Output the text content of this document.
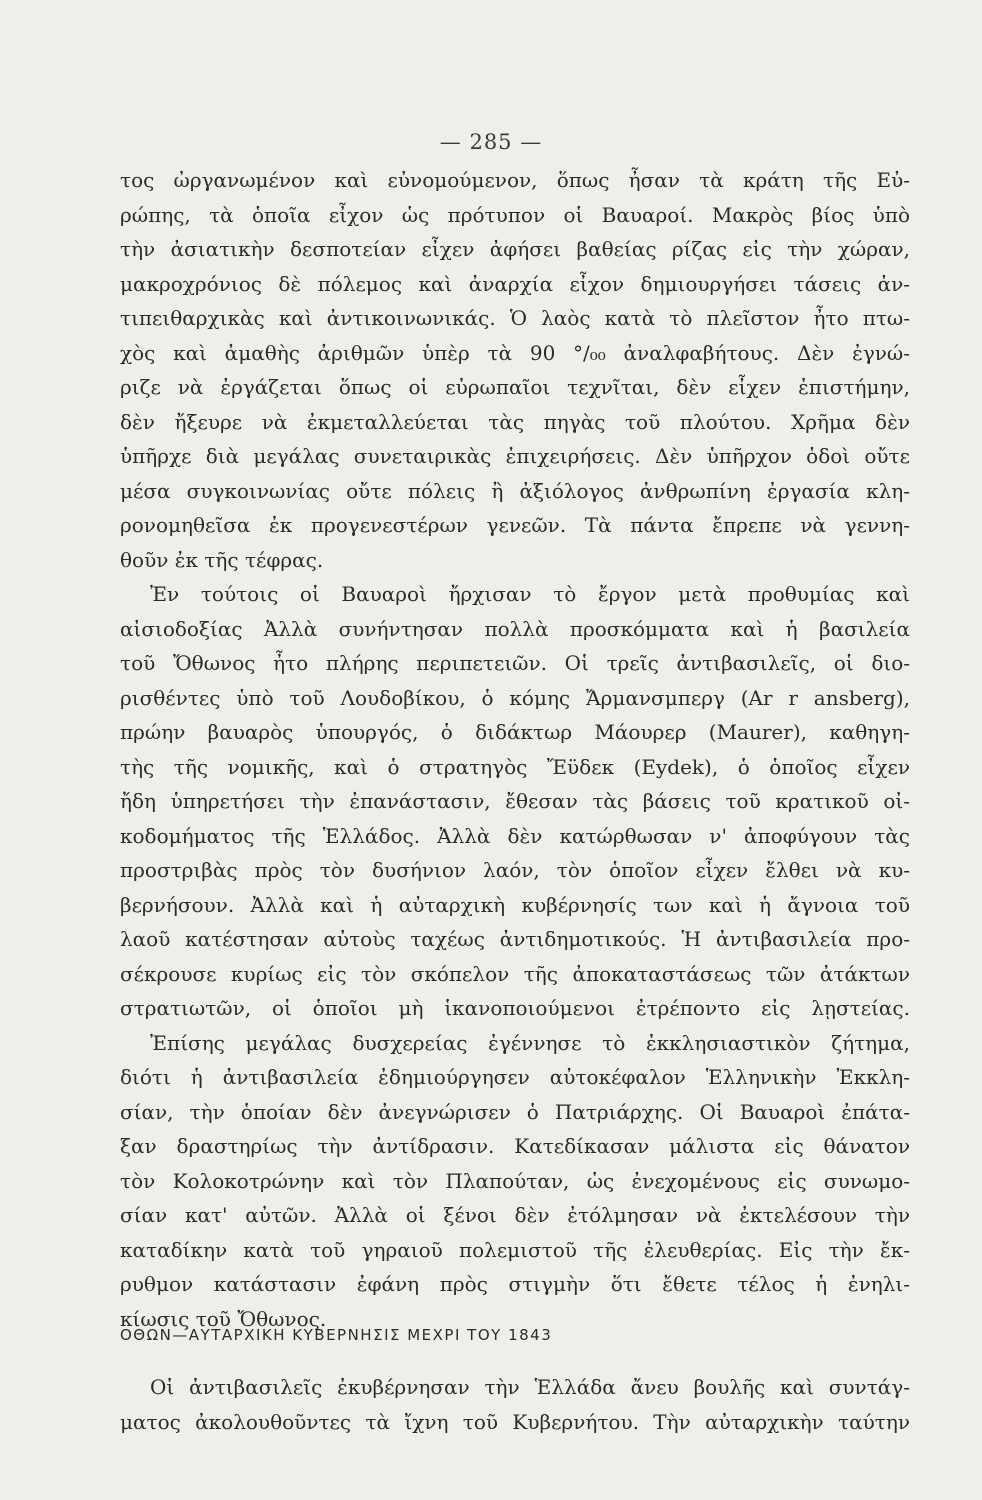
— 285 —
τος ὠργανωμένον καὶ εὐνομούμενον, ὅπως ἦσαν τὰ κράτη τῆς Εὐ-
ρώπης, τὰ ὁποῖα εἶχον ὡς πρότυπον οἱ Βαυαροί. Μακρὸς βίος ὑπὸ
τὴν ἀσιατικὴν δεσποτείαν εἶχεν ἀφήσει βαθείας ρίζας εἰς τὴν χώραν,
μακροχρόνιος δὲ πόλεμος καὶ ἀναρχία εἶχον δημιουργήσει τάσεις ἀν-
τιπειθαρχικὰς καὶ ἀντικοινωνικάς. Ὁ λαὸς κατὰ τὸ πλεῖστον ἦτο πτω-
χὸς καὶ ἀμαθὴς ἀριθμῶν ὑπὲρ τὰ 90 °/₀₀ ἀναλφαβήτους. Δὲν ἐγνώ-
ριζε νὰ ἐργάζεται ὅπως οἱ εὐρωπαῖοι τεχνῖται, δὲν εἶχεν ἐπιστήμην,
δὲν ἤξευρε νὰ ἐκμεταλλεύεται τὰς πηγὰς τοῦ πλούτου. Χρῆμα δὲν
ὑπῆρχε διὰ μεγάλας συνεταιρικὰς ἐπιχειρήσεις. Δὲν ὑπῆρχον ὁδοὶ οὔτε
μέσα συγκοινωνίας οὔτε πόλεις ἢ ἀξιόλογος ἀνθρωπίνη ἐργασία κλη-
ρονομηθεῖσα ἐκ προγενεστέρων γενεῶν. Τὰ πάντα ἔπρεπε νὰ γεννη-
θοῦν ἐκ τῆς τέφρας.
Ἐν τούτοις οἱ Βαυαροὶ ἤρχισαν τὸ ἔργον μετὰ προθυμίας καὶ
αἰσιοδοξίας Ἀλλὰ συνήντησαν πολλὰ προσκόμματα καὶ ἡ βασιλεία
τοῦ Ὄθωνος ἦτο πλήρης περιπετειῶν. Οἱ τρεῖς ἀντιβασιλεῖς, οἱ διο-
ρισθέντες ὑπὸ τοῦ Λουδοβίκου, ὁ κόμης Ἄρμανσμπεργ (Ar r ansberg),
πρώην βαυαρὸς ὑπουργός, ὁ διδάκτωρ Μάουρερ (Maurer), καθηγη-
τὴς τῆς νομικῆς, καὶ ὁ στρατηγὸς Ἔϋδεκ (Eydek), ὁ ὁποῖος εἶχεν
ἤδη ὑπηρετήσει τὴν ἐπανάστασιν, ἔθεσαν τὰς βάσεις τοῦ κρατικοῦ οἰ-
κοδομήματος τῆς Ἑλλάδος. Ἀλλὰ δὲν κατώρθωσαν ν' ἀποφύγουν τὰς
προστριβὰς πρὸς τὸν δυσήνιον λαόν, τὸν ὁποῖον εἶχεν ἔλθει νὰ κυ-
βερνήσουν. Ἀλλὰ καὶ ἡ αὐταρχικὴ κυβέρνησίς των καὶ ἡ ἄγνοια τοῦ
λαοῦ κατέστησαν αὐτοὺς ταχέως ἀντιδημοτικούς. Ἡ ἀντιβασιλεία προ-
σέκρουσε κυρίως εἰς τὸν σκόπελον τῆς ἀποκαταστάσεως τῶν ἀτάκτων
στρατιωτῶν, οἱ ὁποῖοι μὴ ἱκανοποιούμενοι ἐτρέποντο εἰς λῃστείας.
Ἐπίσης μεγάλας δυσχερείας ἐγέννησε τὸ ἐκκλησιαστικὸν ζήτημα,
διότι ἡ ἀντιβασιλεία ἐδημιούργησεν αὐτοκέφαλον Ἑλληνικὴν Ἐκκλη-
σίαν, τὴν ὁποίαν δὲν ἀνεγνώρισεν ὁ Πατριάρχης. Οἱ Βαυαροὶ ἐπάτα-
ξαν δραστηρίως τὴν ἀντίδρασιν. Κατεδίκασαν μάλιστα εἰς θάνατον
τὸν Κολοκοτρώνην καὶ τὸν Πλαπούταν, ὡς ἐνεχομένους εἰς συνωμο-
σίαν κατ' αὐτῶν. Ἀλλὰ οἱ ξένοι δὲν ἐτόλμησαν νὰ ἐκτελέσουν τὴν
καταδίκην κατὰ τοῦ γηραιοῦ πολεμιστοῦ τῆς ἐλευθερίας. Εἰς τὴν ἔκ-
ρυθμον κατάστασιν ἐφάνη πρὸς στιγμὴν ὅτι ἔθετε τέλος ἡ ἐνηλι-
κίωσις τοῦ Ὄθωνος.
ΟΘΩΝ—ΑΥΤΑΡΧΙΚΗ ΚΥΒΕΡΝΗΣΙΣ ΜΕΧΡΙ ΤΟΥ 1843
Οἱ ἀντιβασιλεῖς ἐκυβέρνησαν τὴν Ἑλλάδα ἄνευ βουλῆς καὶ συντάγ-
ματος ἀκολουθοῦντες τὰ ἴχνη τοῦ Κυβερνήτου. Τὴν αὐταρχικὴν ταύτην
